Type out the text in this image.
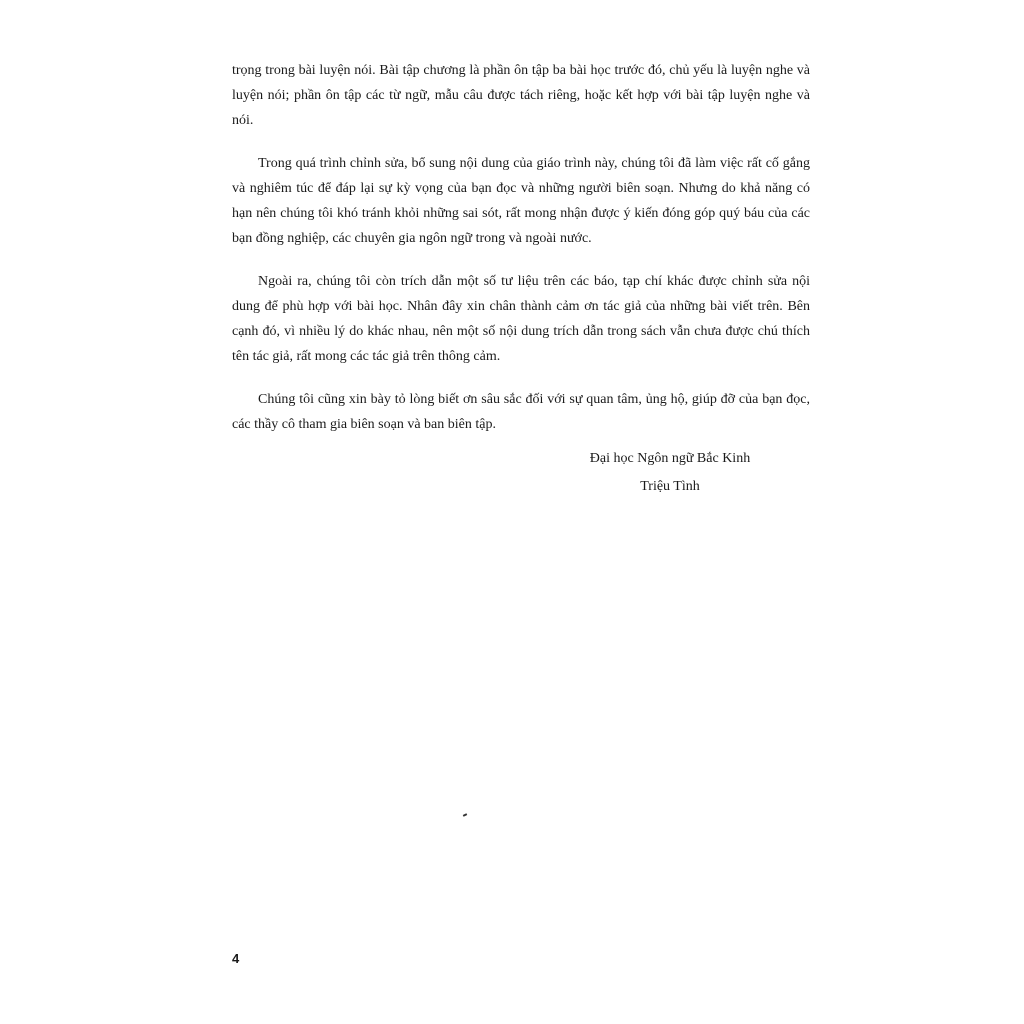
trọng trong bài luyện nói. Bài tập chương là phần ôn tập ba bài học trước đó, chủ yếu là luyện nghe và luyện nói; phần ôn tập các từ ngữ, mẫu câu được tách riêng, hoặc kết hợp với bài tập luyện nghe và nói.

Trong quá trình chỉnh sửa, bổ sung nội dung của giáo trình này, chúng tôi đã làm việc rất cố gắng và nghiêm túc để đáp lại sự kỳ vọng của bạn đọc và những người biên soạn. Nhưng do khả năng có hạn nên chúng tôi khó tránh khỏi những sai sót, rất mong nhận được ý kiến đóng góp quý báu của các bạn đồng nghiệp, các chuyên gia ngôn ngữ trong và ngoài nước.

Ngoài ra, chúng tôi còn trích dẫn một số tư liệu trên các báo, tạp chí khác được chỉnh sửa nội dung để phù hợp với bài học. Nhân đây xin chân thành cảm ơn tác giả của những bài viết trên. Bên cạnh đó, vì nhiều lý do khác nhau, nên một số nội dung trích dẫn trong sách vẫn chưa được chú thích tên tác giả, rất mong các tác giả trên thông cảm.

Chúng tôi cũng xin bày tỏ lòng biết ơn sâu sắc đối với sự quan tâm, ủng hộ, giúp đỡ của bạn đọc, các thầy cô tham gia biên soạn và ban biên tập.

Đại học Ngôn ngữ Bắc Kinh
Triệu Tình
4
